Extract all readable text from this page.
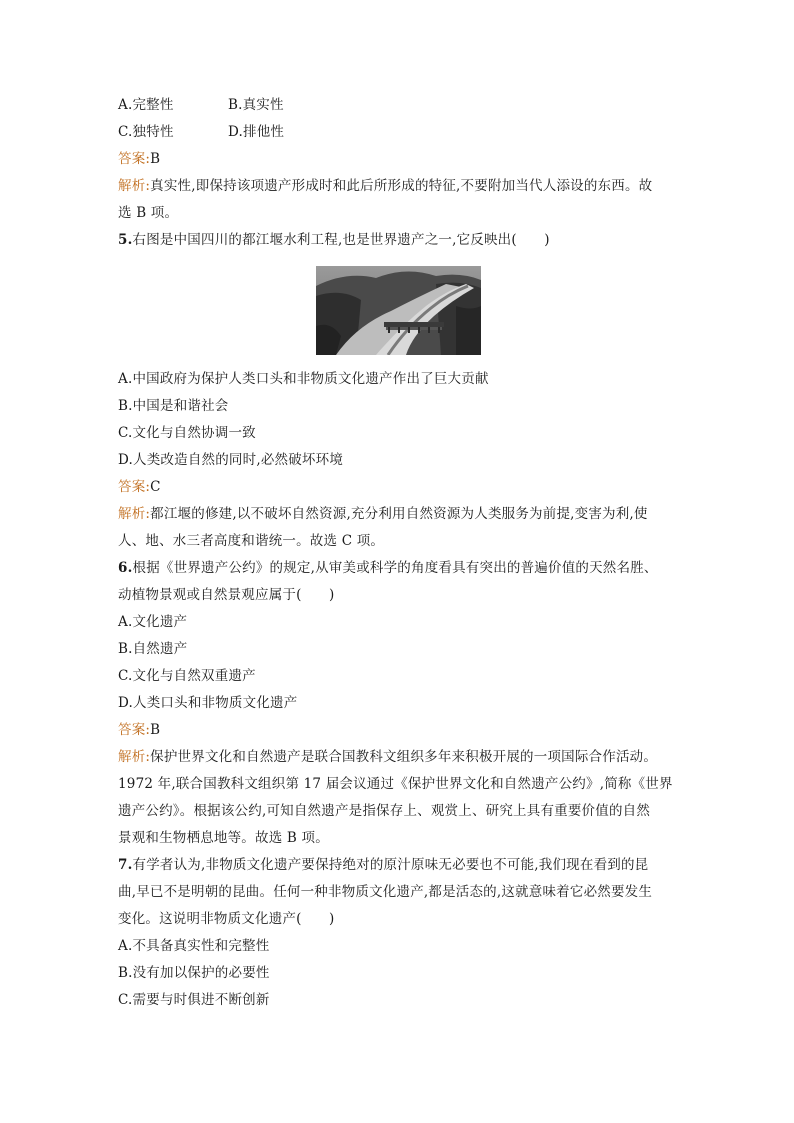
A.完整性	B.真实性
C.独特性	D.排他性
答案:B
解析:真实性,即保持该项遗产形成时和此后所形成的特征,不要附加当代人添设的东西。故
选 B 项。
5.右图是中国四川的都江堰水利工程,也是世界遗产之一,它反映出(　　)
A.中国政府为保护人类口头和非物质文化遗产作出了巨大贡献
B.中国是和谐社会
C.文化与自然协调一致
D.人类改造自然的同时,必然破坏环境
答案:C
解析:都江堰的修建,以不破坏自然资源,充分利用自然资源为人类服务为前提,变害为利,使
人、地、水三者高度和谐统一。故选 C 项。
6.根据《世界遗产公约》的规定,从审美或科学的角度看具有突出的普遍价值的天然名胜、
动植物景观或自然景观应属于(　　)
A.文化遗产
B.自然遗产
C.文化与自然双重遗产
D.人类口头和非物质文化遗产
答案:B
解析:保护世界文化和自然遗产是联合国教科文组织多年来积极开展的一项国际合作活动。
1972 年,联合国教科文组织第 17 届会议通过《保护世界文化和自然遗产公约》,简称《世界
遗产公约》。根据该公约,可知自然遗产是指保存上、观赏上、研究上具有重要价值的自然
景观和生物栖息地等。故选 B 项。
7.有学者认为,非物质文化遗产要保持绝对的原汁原味无必要也不可能,我们现在看到的昆
曲,早已不是明朝的昆曲。任何一种非物质文化遗产,都是活态的,这就意味着它必然要发生
变化。这说明非物质文化遗产(　　)
A.不具备真实性和完整性
B.没有加以保护的必要性
C.需要与时俱进不断创新
